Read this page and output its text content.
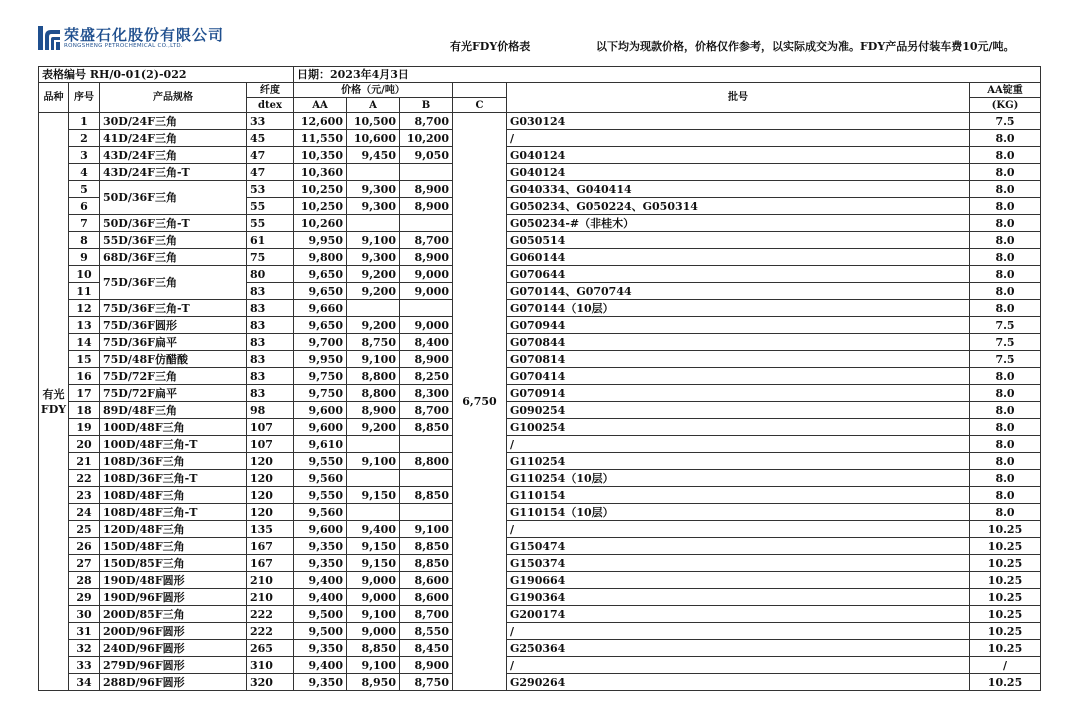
荣盛石化股份有限公司
RONGSHENG PETROCHEMICAL CO.,LTD.	有光FDY价格表	以下均为现款价格，价格仅作参考，以实际成交为准。FDY产品另付装车费10元/吨。
表格编号 RH/0-01(2)-022				日期：2023年4月3日					
品种	序号	产品规格	纤度	价格（元/吨）				批号	AA锭重
			dtex	AA	A	B	C		(KG)
有光 FDY	1	30D/24F三角	33	12,600	10,500	8,700	6,750	G030124	7.5
	2	41D/24F三角	45	11,550	10,600	10,200		/	8.0
	3	43D/24F三角	47	10,350	9,450	9,050		G040124	8.0
	4	43D/24F三角-T	47	10,360				G040124	8.0
	5	50D/36F三角	53	10,250	9,300	8,900		G040334、G040414	8.0
	6		55	10,250	9,300	8,900		G050234、G050224、G050314	8.0
	7	50D/36F三角-T	55	10,260				G050234-#（非桂木）	8.0
	8	55D/36F三角	61	9,950	9,100	8,700		G050514	8.0
	9	68D/36F三角	75	9,800	9,300	8,900		G060144	8.0
	10	75D/36F三角	80	9,650	9,200	9,000		G070644	8.0
	11		83	9,650	9,200	9,000		G070144、G070744	8.0
	12	75D/36F三角-T	83	9,660				G070144（10层）	8.0
	13	75D/36F圆形	83	9,650	9,200	9,000		G070944	7.5
	14	75D/36F扁平	83	9,700	8,750	8,400		G070844	7.5
	15	75D/48F仿醋酸	83	9,950	9,100	8,900		G070814	7.5
	16	75D/72F三角	83	9,750	8,800	8,250		G070414	8.0
	17	75D/72F扁平	83	9,750	8,800	8,300		G070914	8.0
	18	89D/48F三角	98	9,600	8,900	8,700		G090254	8.0
	19	100D/48F三角	107	9,600	9,200	8,850		G100254	8.0
	20	100D/48F三角-T	107	9,610				/	8.0
	21	108D/36F三角	120	9,550	9,100	8,800		G110254	8.0
	22	108D/36F三角-T	120	9,560				G110254（10层）	8.0
	23	108D/48F三角	120	9,550	9,150	8,850		G110154	8.0
	24	108D/48F三角-T	120	9,560				G110154（10层）	8.0
	25	120D/48F三角	135	9,600	9,400	9,100		/	10.25
	26	150D/48F三角	167	9,350	9,150	8,850		G150474	10.25
	27	150D/85F三角	167	9,350	9,150	8,850		G150374	10.25
	28	190D/48F圆形	210	9,400	9,000	8,600		G190664	10.25
	29	190D/96F圆形	210	9,400	9,000	8,600		G190364	10.25
	30	200D/85F三角	222	9,500	9,100	8,700		G200174	10.25
	31	200D/96F圆形	222	9,500	9,000	8,550		/	10.25
	32	240D/96F圆形	265	9,350	8,850	8,450		G250364	10.25
	33	279D/96F圆形	310	9,400	9,100	8,900		/	/
	34	288D/96F圆形	320	9,350	8,950	8,750		G290264	10.25
